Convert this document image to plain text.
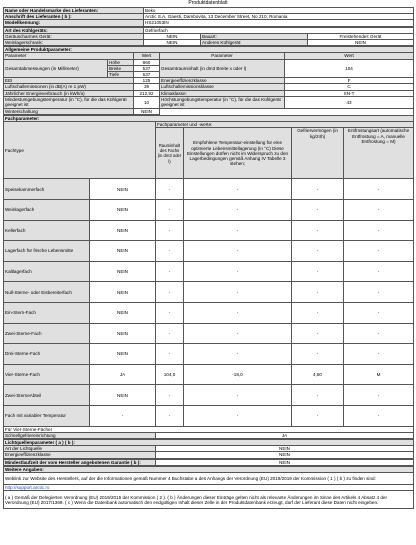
Produktdatenblatt
Name oder Handelsmarke des Lieferanten:	Beko
Anschrift des Lieferanten ( b ):	Arctic S.A. Gaesti, Dambovita, 13 December Street, No 210, Romania
Modellkennung:	HS21053IN
Art des Kühlgeräts:	Gefrierfach		
Geräuscharmes Gerät:	NEIN	Bauart:	Freistehendes Gerät
Weinlagerschrank:	NEIN	Anderes Kühlgerät:	NEIN
Allgemeine Produktparameter:				
Parameter		Wert	Parameter	Wert
Gesamtabmessungen (in Millimeter)	Höhe	860	Gesamtrauminhalt (in dm3 Breite x oder l)	104
	Breite	537		
	Tiefe	537		
EEI		125	Energieeffizienzklasse	F
Luftschallemissionen (in dB(A) re 1 pW)		39	Luftschallemissionsklasse	C
Jährlicher Energieverbrauch (in kWh/a)		212,92	Klimaklasse:	SN-T
Mindestumgebungstemperatur (in °C), für die das Kühlgerät geeignet ist		10	Höchstumgebungstemperatur (in °C), für die das Kühlgerät geeignet ist	43
Winterschaltung		NEIN		
Fachparameter:					
Fachtype		Fachparameter und -werte:			
		Rauminhalt des Fachs (in dm3 oder l)	Empfohlene Temperatur-einstellung für eine optimierte Lebensmittellagerung (in °C) Diese Einstellungen dürfen nicht im Widerspruch zu den Lagerbedingungen gemäß Anhang IV Tabelle 3 stehen;	Gefriervermögen (in kg/24h)	Entfrostungsart (automatische Entfrostung = A, manuelle Entfrostung = M)
Speisekammerfach	NEIN	-	-	-	-
Weinlagerfach	NEIN	-	-	-	-
Kellerfach	NEIN	-	-	-	-
Lagerfach für frische Lebensmitte	NEIN	-	-	-	-
Kaltlagerfach	NEIN	-	-	-	-
Null-Sterne- oder Eisbereiterfach	NEIN	-	-	-	-
Ein-Stern-Fach	NEIN	-	-	-	-
Zwei-Sterne-Fach	NEIN	-	-	-	-
Drei-Sterne-Fach	NEIN	-	-	-	-
Vier-Sterne-Fach	JA	104,0	-18,0	4,80	M
Zwei-SterneAbteil	NEIN	-	-	-	-
Fach mit variabler Temperatur	-	-	-	-	-
Für Vier-Sterne-Fächer					
Schnellgefriereinrichtung		JA			
Lichtquellenparameter ( a ) ( b ):	
Art der Lichtquelle	NEIN
Energieeffizienzklasse	NEIN
Mindestlaufzeit der vom Hersteller angebotenen Garantie ( b ):	NEIN
Weitere Angaben:
Weblink zur Website des Herstellers, auf der die Informationen gemäß Nummer 4 Buchstabe a des Anhangs der Verordnung (EU) 2019/2019 der Kommission ( 1 ) ( b ) zu finden sind:
http://support.arctic.ro
( a ) Gemäß der Delegierten Verordnung (EU) 2019/2015 der Kommission ( 2 ). ( b ) Änderungen dieser Einträge gelten nicht als relevante Änderungen im Sinne des Artikels 4 Absatz 4 der Verordnung (EU) 2017/1369. ( c ) Wenn die Datenbank automatisch den endgültigen Inhalt dieser Zelle in der Produktdatenbank erzeugt, darf der Lieferant diese Daten nicht eingeben.
